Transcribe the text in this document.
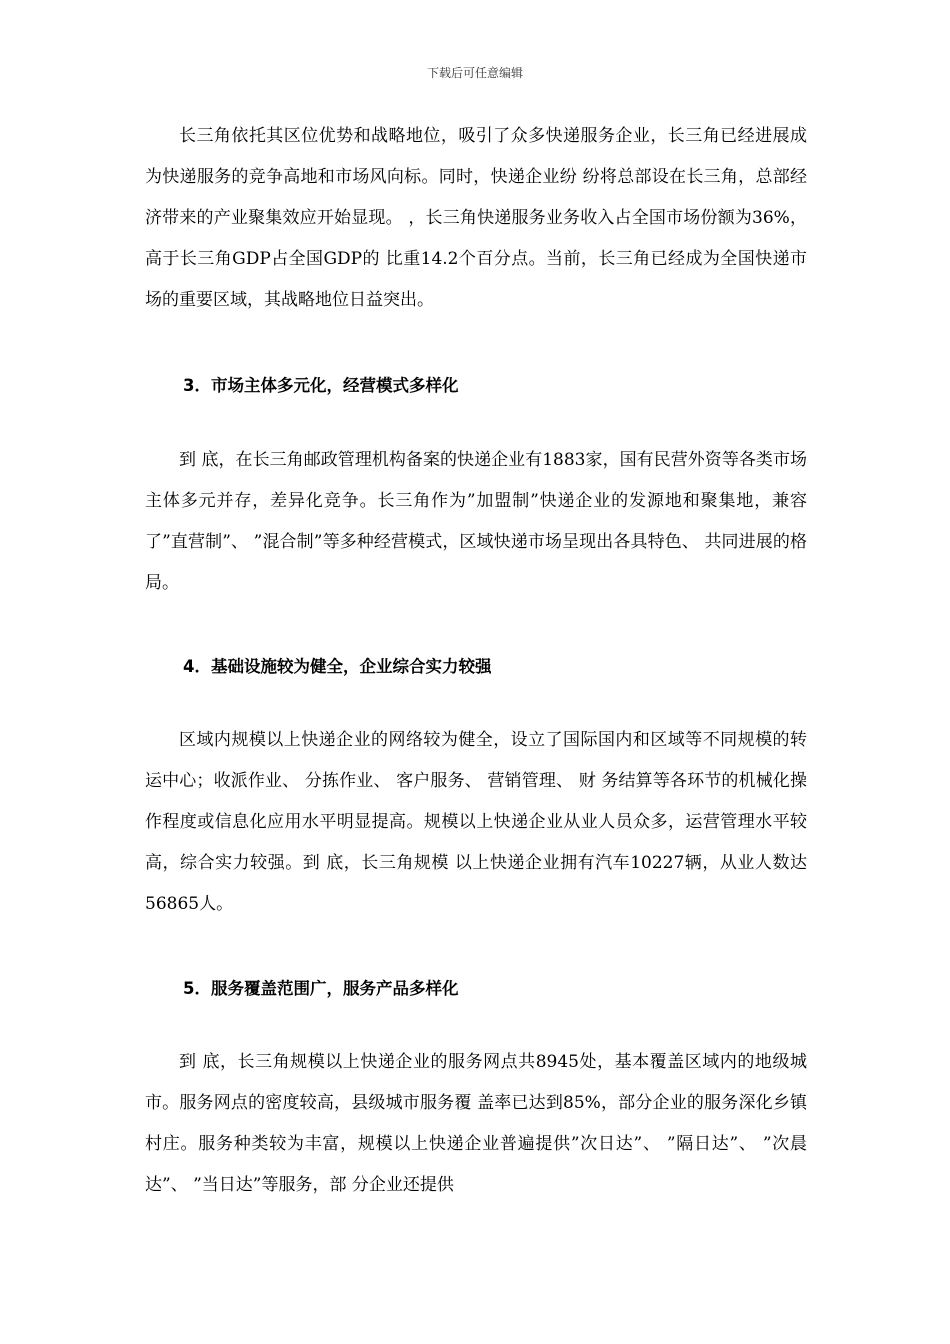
下载后可任意编辑

长三角依托其区位优势和战略地位，吸引了众多快递服务企业，长三角已经进展成为快递服务的竞争高地和市场风向标。同时，快递企业纷 纷将总部设在长三角，总部经济带来的产业聚集效应开始显现。 ，长三角快递服务业务收入占全国市场份额为36%，高于长三角GDP占全国GDP的 比重14.2个百分点。当前，长三角已经成为全国快递市场的重要区域，其战略地位日益突出。

3．市场主体多元化，经营模式多样化

到 底，在长三角邮政管理机构备案的快递企业有1883家，国有民营外资等各类市场主体多元并存，差异化竞争。长三角作为”加盟制”快递企业的发源地和聚集地，兼容了”直营制”、 ”混合制”等多种经营模式，区域快递市场呈现出各具特色、 共同进展的格局。

4．基础设施较为健全，企业综合实力较强

区域内规模以上快递企业的网络较为健全，设立了国际国内和区域等不同规模的转运中心；收派作业、 分拣作业、 客户服务、 营销管理、 财 务结算等各环节的机械化操作程度或信息化应用水平明显提高。规模以上快递企业从业人员众多，运营管理水平较高，综合实力较强。到 底，长三角规模 以上快递企业拥有汽车10227辆，从业人数达56865人。

5．服务覆盖范围广，服务产品多样化

到 底，长三角规模以上快递企业的服务网点共8945处，基本覆盖区域内的地级城市。服务网点的密度较高，县级城市服务覆 盖率已达到85%，部分企业的服务深化乡镇村庄。服务种类较为丰富，规模以上快递企业普遍提供”次日达”、 ”隔日达”、 ”次晨达”、 ”当日达”等服务，部 分企业还提供
